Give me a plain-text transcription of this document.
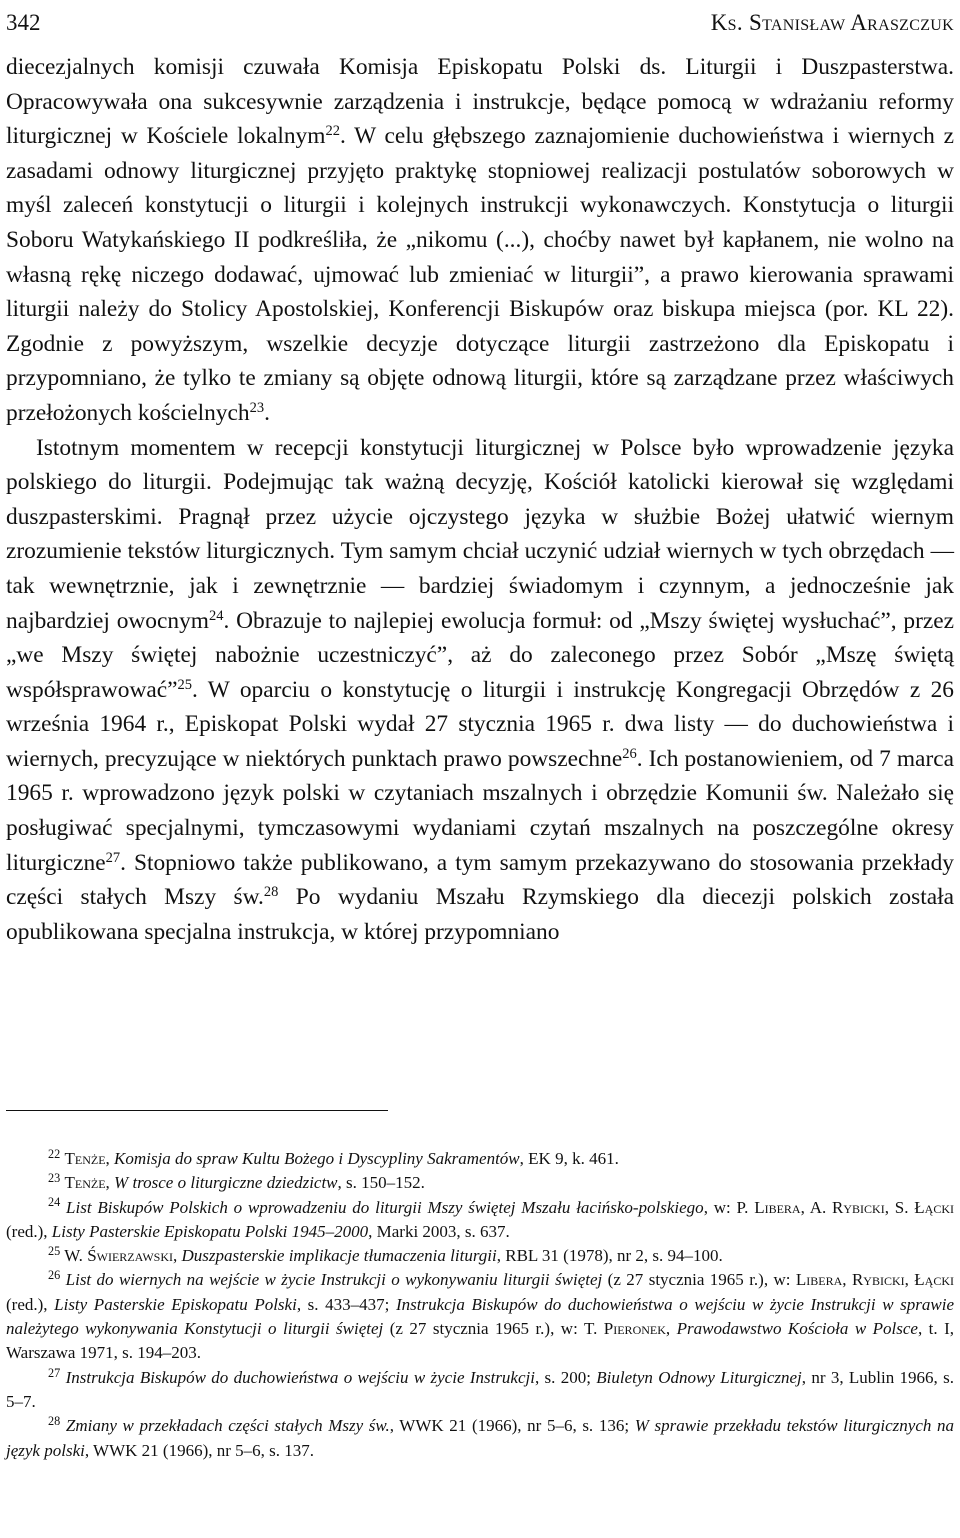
342	Ks. Stanisław Araszczuk

diecezjalnych komisji czuwała Komisja Episkopatu Polski ds. Liturgii i Duszpasterstwa. Opracowywała ona sukcesywnie zarządzenia i instrukcje, będące pomocą w wdrażaniu reformy liturgicznej w Kościele lokalnym$^{22}$. W celu głębszego zaznajomienie duchowieństwa i wiernych z zasadami odnowy liturgicznej przyjęto praktykę stopniowej realizacji postulatów soborowych w myśl zaleceń konstytucji o liturgii i kolejnych instrukcji wykonawczych. Konstytucja o liturgii Soboru Watykańskiego II podkreśliła, że „nikomu (...), choćby nawet był kapłanem, nie wolno na własną rękę niczego dodawać, ujmować lub zmieniać w liturgii”, a prawo kierowania sprawami liturgii należy do Stolicy Apostolskiej, Konferencji Biskupów oraz biskupa miejsca (por. KL 22). Zgodnie z powyższym, wszelkie decyzje dotyczące liturgii zastrzeżono dla Episkopatu i przypomniano, że tylko te zmiany są objęte odnową liturgii, które są zarządzane przez właściwych przełożonych kościelnych$^{23}$.

Istotnym momentem w recepcji konstytucji liturgicznej w Polsce było wprowadzenie języka polskiego do liturgii. Podejmując tak ważną decyzję, Kościół katolicki kierował się względami duszpasterskimi. Pragnął przez użycie ojczystego języka w służbie Bożej ułatwić wiernym zrozumienie tekstów liturgicznych. Tym samym chciał uczynić udział wiernych w tych obrzędach — tak wewnętrznie, jak i zewnętrznie — bardziej świadomym i czynnym, a jednocześnie jak najbardziej owocnym$^{24}$. Obrazuje to najlepiej ewolucja formuł: od „Mszy świętej wysłuchać”, przez „we Mszy świętej nabożnie uczestniczyć”, aż do zaleconego przez Sobór „Mszę świętą współsprawować”$^{25}$. W oparciu o konstytucję o liturgii i instrukcję Kongregacji Obrzędów z 26 września 1964 r., Episkopat Polski wydał 27 stycznia 1965 r. dwa listy — do duchowieństwa i wiernych, precyzujące w niektórych punktach prawo powszechne$^{26}$. Ich postanowieniem, od 7 marca 1965 r. wprowadzono język polski w czytaniach mszalnych i obrzędzie Komunii św. Należało się posługiwać specjalnymi, tymczasowymi wydaniami czytań mszalnych na poszczególne okresy liturgiczne$^{27}$. Stopniowo także publikowano, a tym samym przekazywano do stosowania przekłady części stałych Mszy św.$^{28}$ Po wydaniu Mszału Rzymskiego dla diecezji polskich została opublikowana specjalna instrukcja, w której przypomniano

$^{22}$ Tenże, Komisja do spraw Kultu Bożego i Dyscypliny Sakramentów, EK 9, k. 461.

$^{23}$ Tenże, W trosce o liturgiczne dziedzictw, s. 150–152.

$^{24}$ List Biskupów Polskich o wprowadzeniu do liturgii Mszy świętej Mszału łacińsko-polskiego, w: P. Libera, A. Rybicki, S. Łącki (red.), Listy Pasterskie Episkopatu Polski 1945–2000, Marki 2003, s. 637.

$^{25}$ W. Świerzawski, Duszpasterskie implikacje tłumaczenia liturgii, RBL 31 (1978), nr 2, s. 94–100.

$^{26}$ List do wiernych na wejście w życie Instrukcji o wykonywaniu liturgii świętej (z 27 stycznia 1965 r.), w: Libera, Rybicki, Łącki (red.), Listy Pasterskie Episkopatu Polski, s. 433–437; Instrukcja Biskupów do duchowieństwa o wejściu w życie Instrukcji w sprawie należytego wykonywania Konstytucji o liturgii świętej (z 27 stycznia 1965 r.), w: T. Pieronek, Prawodawstwo Kościoła w Polsce, t. I, Warszawa 1971, s. 194–203.

$^{27}$ Instrukcja Biskupów do duchowieństwa o wejściu w życie Instrukcji, s. 200; Biuletyn Odnowy Liturgicznej, nr 3, Lublin 1966, s. 5–7.

$^{28}$ Zmiany w przekładach części stałych Mszy św., WWK 21 (1966), nr 5–6, s. 136; W sprawie przekładu tekstów liturgicznych na język polski, WWK 21 (1966), nr 5–6, s. 137.
